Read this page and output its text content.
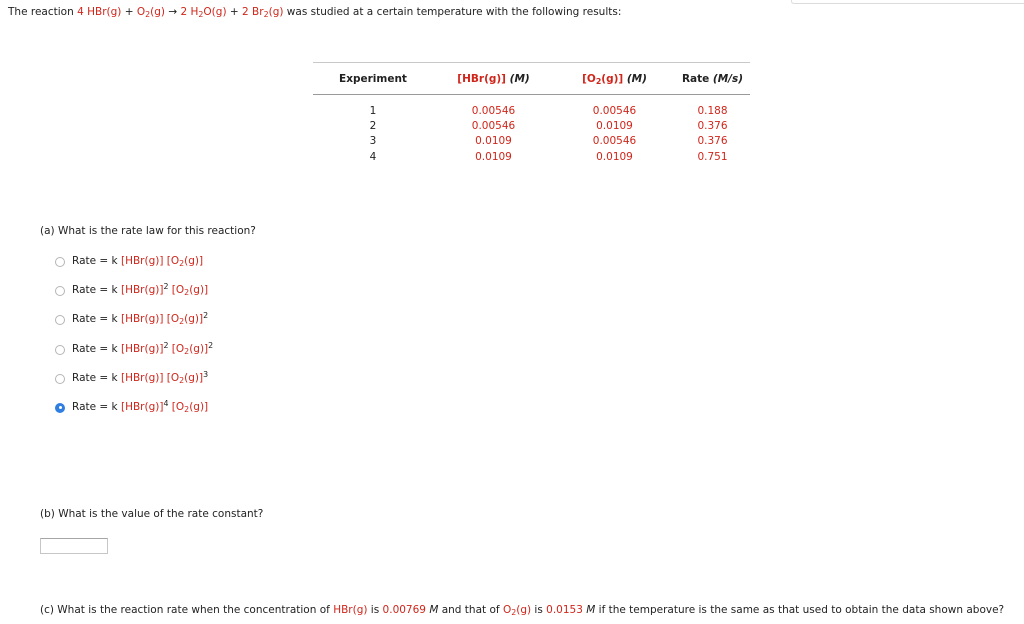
The reaction 4 $HBr(g) + O_2(g) \to 2$ $H_2O(g) + 2$ $Br_2(g)$ was studied at a certain temperature with the following results:
Experiment	[HBr(g)] (M)	$[O_2(g)]$ (M)	Rate (M/s)
1	0.00546	0.00546	0.188
2	0.00546	0.0109	0.376
3	0.0109	0.00546	0.376
4	0.0109	0.0109	0.751
(a) What is the rate law for this reaction?
Rate = k [HBr(g)] $[O_2(g)]$
Rate = k $[HBr(g)]^2$ $[O_2(g)]$
Rate = k [HBr(g)] $[O_2(g)]^2$
Rate = k $[HBr(g)]^2$ $[O_2(g)]^2$
Rate = k [HBr(g)] $[O_2(g)]^3$
Rate = k $[HBr(g)]^4$ $[O_2(g)]$
(b) What is the value of the rate constant?
(c) What is the reaction rate when the concentration of HBr(g) is 0.00769 M and that of $O_2(g)$ is 0.0153 M if the temperature is the same as that used to obtain the data shown above?
